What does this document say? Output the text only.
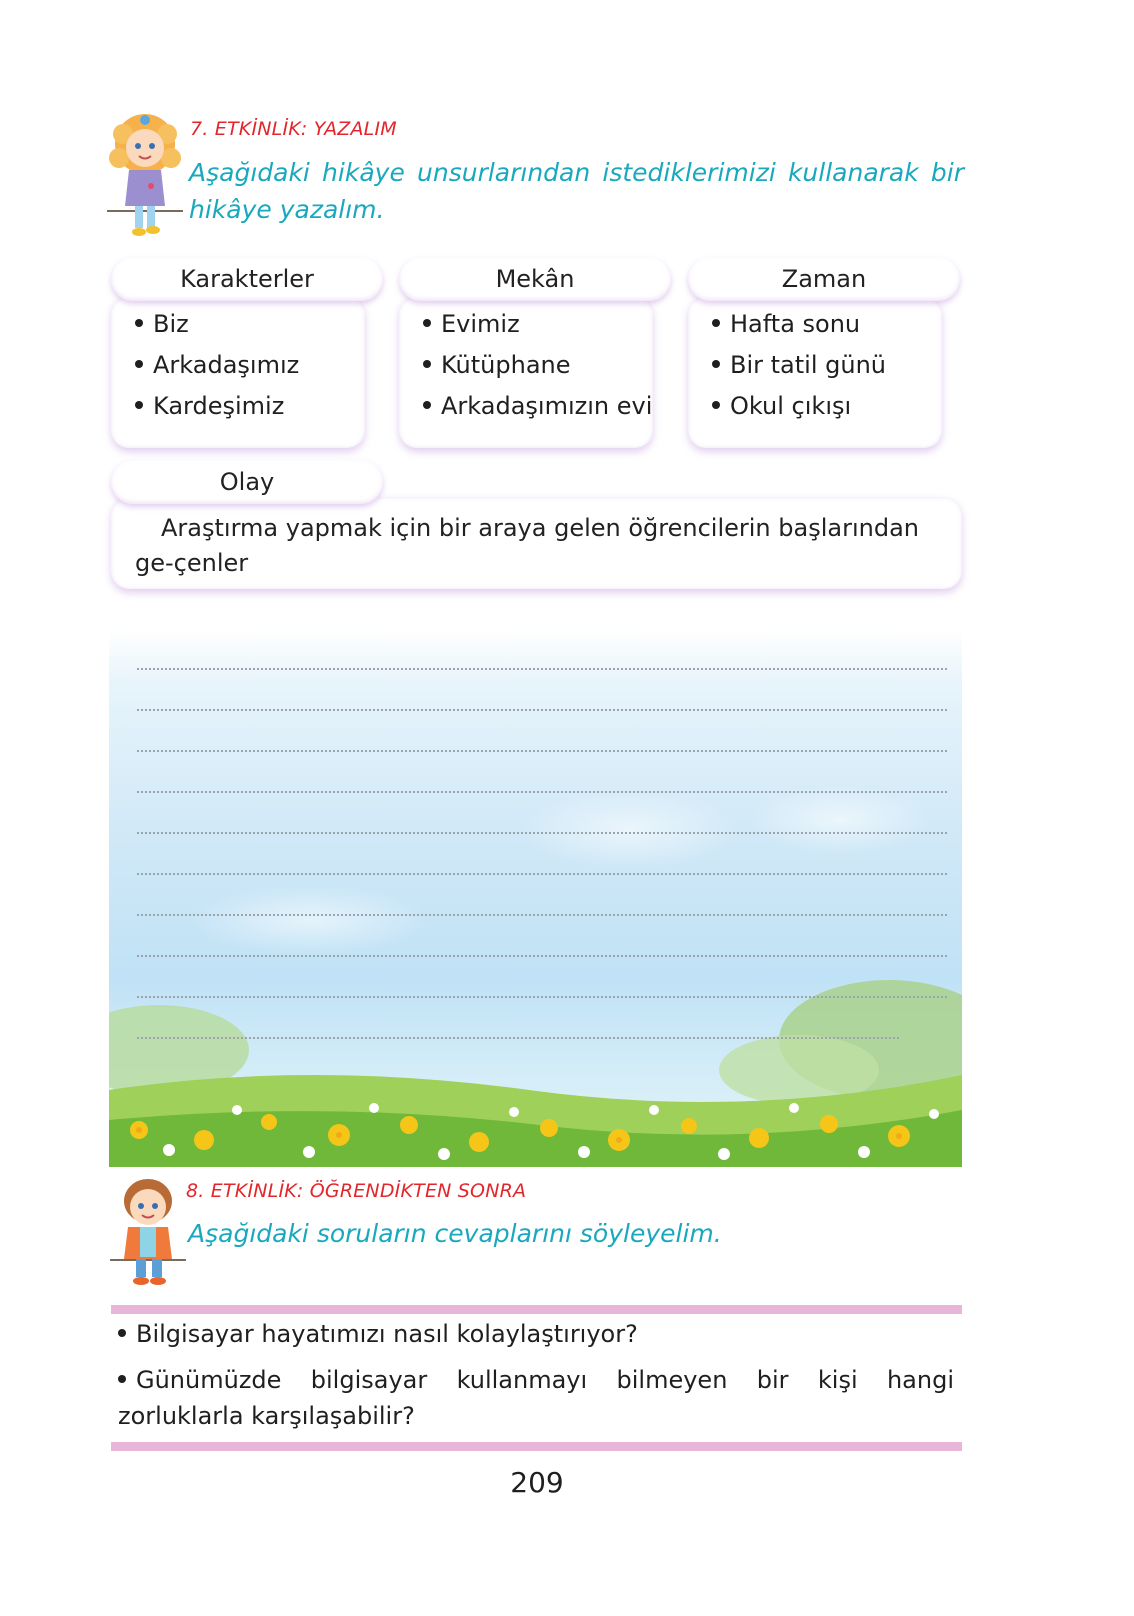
7. ETKİNLİK: YAZALIM
Aşağıdaki hikâye unsurlarından istediklerimizi kullanarak bir hikâye yazalım.
Biz
Arkadaşımız
Kardeşimiz
Karakterler
Evimiz
Kütüphane
Arkadaşımızın evi
Mekân
Hafta sonu
Bir tatil günü
Okul çıkışı
Zaman
Araştırma yapmak için bir araya gelen öğrencilerin başlarından ge-çenler
Olay
8. ETKİNLİK: ÖĞRENDİKTEN SONRA
Aşağıdaki soruların cevaplarını söyleyelim.
Bilgisayar hayatımızı nasıl kolaylaştırıyor?
Günümüzde bilgisayar kullanmayı bilmeyen bir kişi hangi zorluklarla karşılaşabilir?
209
